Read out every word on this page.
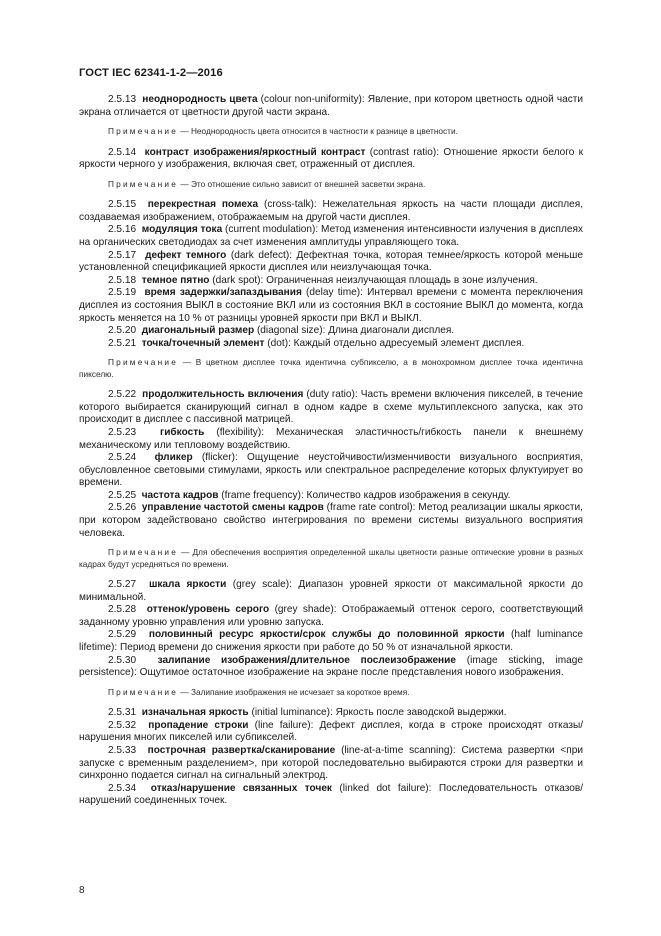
ГОСТ IEC 62341-1-2—2016

2.5.13 неоднородность цвета (colour non-uniformity): Явление, при котором цветность одной части экрана отличается от цветности другой части экрана.

Примечание — Неоднородность цвета относится в частности к разнице в цветности.

2.5.14 контраст изображения/яркостный контраст (contrast ratio): Отношение яркости белого к яркости черного у изображения, включая свет, отраженный от дисплея.

Примечание — Это отношение сильно зависит от внешней засветки экрана.

2.5.15 перекрестная помеха (cross-talk): Нежелательная яркость на части площади дисплея, создаваемая изображением, отображаемым на другой части дисплея.

2.5.16 модуляция тока (current modulation): Метод изменения интенсивности излучения в дисплеях на органических светодиодах за счет изменения амплитуды управляющего тока.

2.5.17 дефект темного (dark defect): Дефектная точка, которая темнее/яркость которой меньше установленной спецификацией яркости дисплея или неизлучающая точка.

2.5.18 темное пятно (dark spot): Ограниченная неизлучающая площадь в зоне излучения.

2.5.19 время задержки/запаздывания (delay time): Интервал времени с момента переключения дисплея из состояния ВЫКЛ в состояние ВКЛ или из состояния ВКЛ в состояние ВЫКЛ до момента, когда яркость меняется на 10 % от разницы уровней яркости при ВКЛ и ВЫКЛ.

2.5.20 диагональный размер (diagonal size): Длина диагонали дисплея.

2.5.21 точка/точечный элемент (dot): Каждый отдельно адресуемый элемент дисплея.

Примечание — В цветном дисплее точка идентична субпикселю, а в монохромном дисплее точка идентична пикселю.

2.5.22 продолжительность включения (duty ratio): Часть времени включения пикселей, в течение которого выбирается сканирующий сигнал в одном кадре в схеме мультиплексного запуска, как это происходит в дисплее с пассивной матрицей.

2.5.23 гибкость (flexibility): Механическая эластичность/гибкость панели к внешнему механическому или тепловому воздействию.

2.5.24 фликер (flicker): Ощущение неустойчивости/изменчивости визуального восприятия, обусловленное световыми стимулами, яркость или спектральное распределение которых флуктуирует во времени.

2.5.25 частота кадров (frame frequency): Количество кадров изображения в секунду.

2.5.26 управление частотой смены кадров (frame rate control): Метод реализации шкалы яркости, при котором задействовано свойство интегрирования по времени системы визуального восприятия человека.

Примечание — Для обеспечения восприятия определенной шкалы цветности разные оптические уровни в разных кадрах будут усредняться по времени.

2.5.27 шкала яркости (grey scale): Диапазон уровней яркости от максимальной яркости до минимальной.

2.5.28 оттенок/уровень серого (grey shade): Отображаемый оттенок серого, соответствующий заданному уровню управления или уровню запуска.

2.5.29 половинный ресурс яркости/срок службы до половинной яркости (half luminance lifetime): Период времени до снижения яркости при работе до 50 % от изначальной яркости.

2.5.30 залипание изображения/длительное послеизображение (image sticking, image persistence): Ощутимое остаточное изображение на экране после представления нового изображения.

Примечание — Залипание изображения не исчезает за короткое время.

2.5.31 изначальная яркость (initial luminance): Яркость после заводской выдержки.

2.5.32 пропадение строки (line failure): Дефект дисплея, когда в строке происходят отказы/нарушения многих пикселей или субпикселей.

2.5.33 построчная развертка/сканирование (line-at-a-time scanning): Система развертки <при запуске с временным разделением>, при которой последовательно выбираются строки для развертки и синхронно подается сигнал на сигнальный электрод.

2.5.34 отказ/нарушение связанных точек (linked dot failure): Последовательность отказов/нарушений соединенных точек.

8
